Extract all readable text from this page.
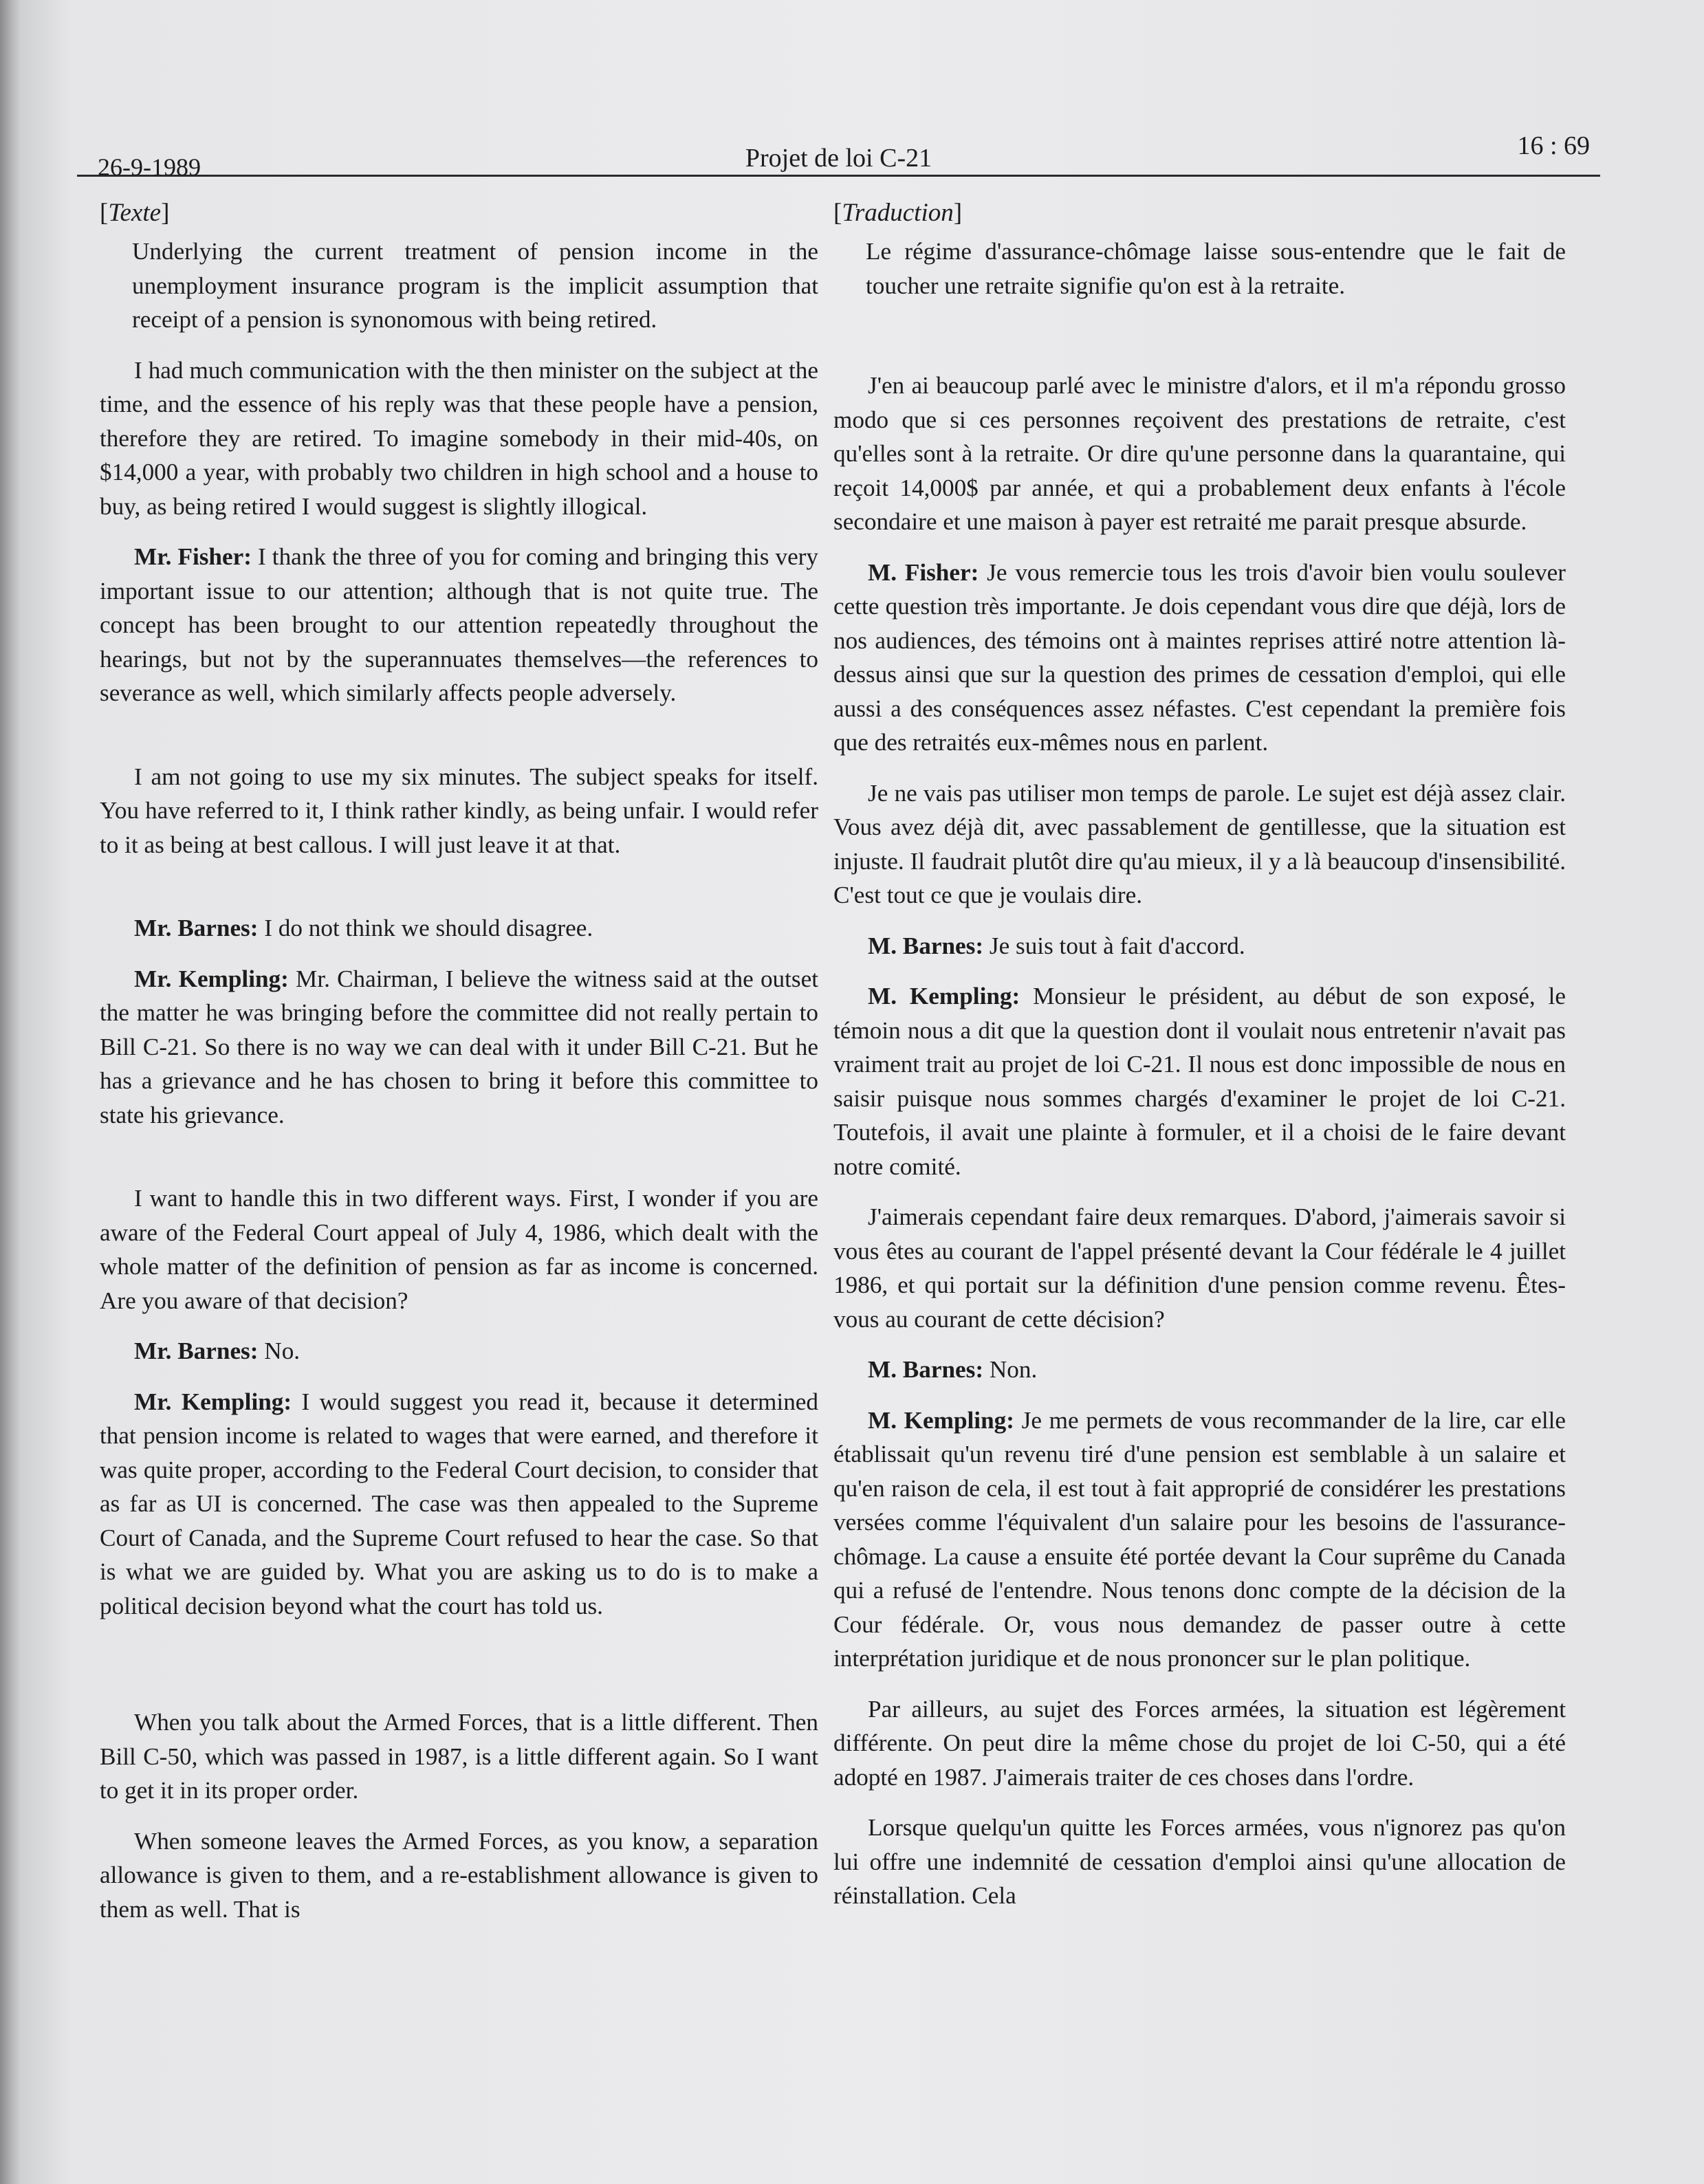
26-9-1989	Projet de loi C-21	16 : 69
[Texte]

Underlying the current treatment of pension income in the unemployment insurance program is the implicit assumption that receipt of a pension is synonomous with being retired.

I had much communication with the then minister on the subject at the time, and the essence of his reply was that these people have a pension, therefore they are retired. To imagine somebody in their mid-40s, on $14,000 a year, with probably two children in high school and a house to buy, as being retired I would suggest is slightly illogical.

Mr. Fisher: I thank the three of you for coming and bringing this very important issue to our attention; although that is not quite true. The concept has been brought to our attention repeatedly throughout the hearings, but not by the superannuates themselves—the references to severance as well, which similarly affects people adversely.

I am not going to use my six minutes. The subject speaks for itself. You have referred to it, I think rather kindly, as being unfair. I would refer to it as being at best callous. I will just leave it at that.

Mr. Barnes: I do not think we should disagree.

Mr. Kempling: Mr. Chairman, I believe the witness said at the outset the matter he was bringing before the committee did not really pertain to Bill C-21. So there is no way we can deal with it under Bill C-21. But he has a grievance and he has chosen to bring it before this committee to state his grievance.

I want to handle this in two different ways. First, I wonder if you are aware of the Federal Court appeal of July 4, 1986, which dealt with the whole matter of the definition of pension as far as income is concerned. Are you aware of that decision?

Mr. Barnes: No.

Mr. Kempling: I would suggest you read it, because it determined that pension income is related to wages that were earned, and therefore it was quite proper, according to the Federal Court decision, to consider that as far as UI is concerned. The case was then appealed to the Supreme Court of Canada, and the Supreme Court refused to hear the case. So that is what we are guided by. What you are asking us to do is to make a political decision beyond what the court has told us.

When you talk about the Armed Forces, that is a little different. Then Bill C-50, which was passed in 1987, is a little different again. So I want to get it in its proper order.

When someone leaves the Armed Forces, as you know, a separation allowance is given to them, and a re-establishment allowance is given to them as well. That is

[Traduction]

Le régime d'assurance-chômage laisse sous-entendre que le fait de toucher une retraite signifie qu'on est à la retraite.

J'en ai beaucoup parlé avec le ministre d'alors, et il m'a répondu grosso modo que si ces personnes reçoivent des prestations de retraite, c'est qu'elles sont à la retraite. Or dire qu'une personne dans la quarantaine, qui reçoit 14,000$ par année, et qui a probablement deux enfants à l'école secondaire et une maison à payer est retraité me parait presque absurde.

M. Fisher: Je vous remercie tous les trois d'avoir bien voulu soulever cette question très importante. Je dois cependant vous dire que déjà, lors de nos audiences, des témoins ont à maintes reprises attiré notre attention là-dessus ainsi que sur la question des primes de cessation d'emploi, qui elle aussi a des conséquences assez néfastes. C'est cependant la première fois que des retraités eux-mêmes nous en parlent.

Je ne vais pas utiliser mon temps de parole. Le sujet est déjà assez clair. Vous avez déjà dit, avec passablement de gentillesse, que la situation est injuste. Il faudrait plutôt dire qu'au mieux, il y a là beaucoup d'insensibilité. C'est tout ce que je voulais dire.

M. Barnes: Je suis tout à fait d'accord.

M. Kempling: Monsieur le président, au début de son exposé, le témoin nous a dit que la question dont il voulait nous entretenir n'avait pas vraiment trait au projet de loi C-21. Il nous est donc impossible de nous en saisir puisque nous sommes chargés d'examiner le projet de loi C-21. Toutefois, il avait une plainte à formuler, et il a choisi de le faire devant notre comité.

J'aimerais cependant faire deux remarques. D'abord, j'aimerais savoir si vous êtes au courant de l'appel présenté devant la Cour fédérale le 4 juillet 1986, et qui portait sur la définition d'une pension comme revenu. Êtes-vous au courant de cette décision?

M. Barnes: Non.

M. Kempling: Je me permets de vous recommander de la lire, car elle établissait qu'un revenu tiré d'une pension est semblable à un salaire et qu'en raison de cela, il est tout à fait approprié de considérer les prestations versées comme l'équivalent d'un salaire pour les besoins de l'assurance-chômage. La cause a ensuite été portée devant la Cour suprême du Canada qui a refusé de l'entendre. Nous tenons donc compte de la décision de la Cour fédérale. Or, vous nous demandez de passer outre à cette interprétation juridique et de nous prononcer sur le plan politique.

Par ailleurs, au sujet des Forces armées, la situation est légèrement différente. On peut dire la même chose du projet de loi C-50, qui a été adopté en 1987. J'aimerais traiter de ces choses dans l'ordre.

Lorsque quelqu'un quitte les Forces armées, vous n'ignorez pas qu'on lui offre une indemnité de cessation d'emploi ainsi qu'une allocation de réinstallation. Cela
